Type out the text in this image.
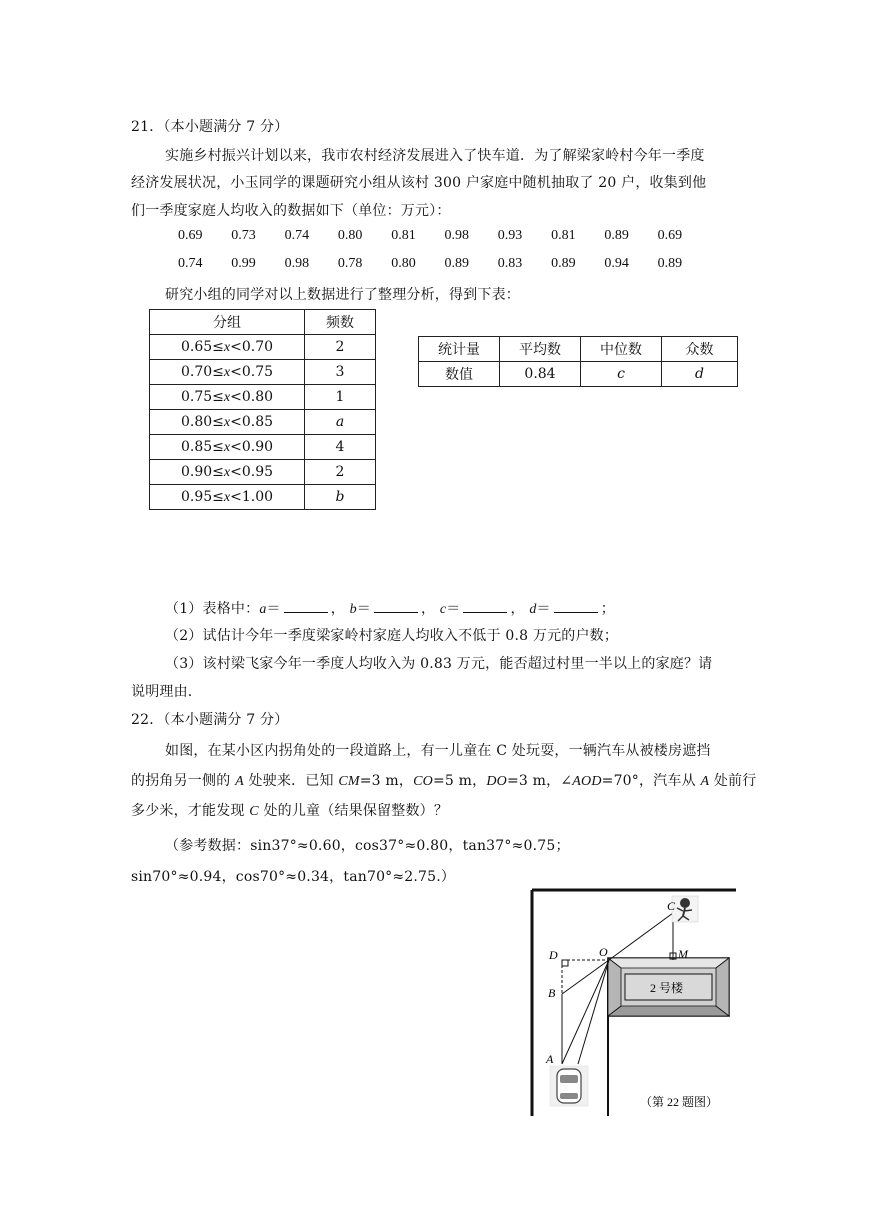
21．（本小题满分 7 分）
实施乡村振兴计划以来，我市农村经济发展进入了快车道．为了解梁家岭村今年一季度
经济发展状况，小玉同学的课题研究小组从该村 300 户家庭中随机抽取了 20 户，收集到他
们一季度家庭人均收入的数据如下（单位：万元）：
0.69	0.73	0.74	0.80	0.81	0.98	0.93	0.81	0.89	0.69
0.74	0.99	0.98	0.78	0.80	0.89	0.83	0.89	0.94	0.89
研究小组的同学对以上数据进行了整理分析，得到下表：
分组	频数
0.65≤x<0.70	2
0.70≤x<0.75	3
0.75≤x<0.80	1
0.80≤x<0.85	a
0.85≤x<0.90	4
0.90≤x<0.95	2
0.95≤x<1.00	b
统计量	平均数	中位数	众数
数值	0.84	c	d
（1）表格中：a＝	， b＝	， c＝	， d＝	；
（2）试估计今年一季度梁家岭村家庭人均收入不低于 0.8 万元的户数；
（3）该村梁飞家今年一季度人均收入为 0.83 万元，能否超过村里一半以上的家庭？请
说明理由.
22．（本小题满分 7 分）
如图，在某小区内拐角处的一段道路上，有一儿童在 C 处玩耍，一辆汽车从被楼房遮挡
的拐角另一侧的 A 处驶来．已知 CM=3 m，CO=5 m，DO=3 m，∠AOD=70°，汽车从 A 处前行
多少米，才能发现 C 处的儿童（结果保留整数）？
（参考数据：sin37°≈0.60，cos37°≈0.80，tan37°≈0.75；
sin70°≈0.94，cos70°≈0.34，tan70°≈2.75.）
C
M
D	O
B
A
2 号楼
（第 22 题图）
